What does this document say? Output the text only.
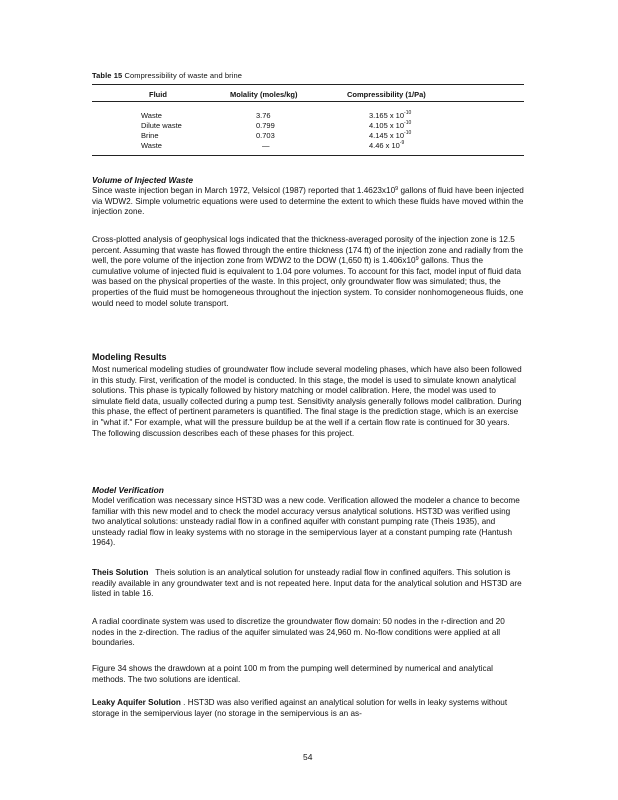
Table 15 Compressibility of waste and brine
Fluid	Molality (moles/kg)	Compressibility (1/Pa)
Waste	3.76	3.165 x $10^{-10}$
Dilute waste	0.799	4.105 x $10^{-10}$
Brine	0.703	4.145 x $10^{-10}$
Waste	—	4.46 x $10^{-9}$
Volume of Injected Waste

Since waste injection began in March 1972, Velsicol (1987) reported that $1.4623x10^9$ gallons of fluid have been injected via WDW2. Simple volumetric equations were used to determine the extent to which these fluids have moved within the injection zone.

Cross-plotted analysis of geophysical logs indicated that the thickness-averaged porosity of the injection zone is 12.5 percent. Assuming that waste has flowed through the entire thickness (174 ft) of the injection zone and radially from the well, the pore volume of the injection zone from WDW2 to the DOW (1,650 ft) is $1.406x10^9$ gallons. Thus the cumulative volume of injected fluid is equivalent to 1.04 pore volumes. To account for this fact, model input of fluid data was based on the physical properties of the waste. In this project, only groundwater flow was simulated; thus, the properties of the fluid must be homogeneous throughout the injection system. To consider nonhomogeneous fluids, one would need to model solute transport.

Modeling Results

Most numerical modeling studies of groundwater flow include several modeling phases, which have also been followed in this study. First, verification of the model is conducted. In this stage, the model is used to simulate known analytical solutions. This phase is typically followed by history matching or model calibration. Here, the model was used to simulate field data, usually collected during a pump test. Sensitivity analysis generally follows model calibration. During this phase, the effect of pertinent parameters is quantified. The final stage is the prediction stage, which is an exercise in "what if." For example, what will the pressure buildup be at the well if a certain flow rate is continued for 30 years. The following discussion describes each of these phases for this project.

Model Verification

Model verification was necessary since HST3D was a new code. Verification allowed the modeler a chance to become familiar with this new model and to check the model accuracy versus analytical solutions. HST3D was verified using two analytical solutions: unsteady radial flow in a confined aquifer with constant pumping rate (Theis 1935), and unsteady radial flow in leaky systems with no storage in the semipervious layer at a constant pumping rate (Hantush 1964).

Theis Solution Theis solution is an analytical solution for unsteady radial flow in confined aquifers. This solution is readily available in any groundwater text and is not repeated here. Input data for the analytical solution and HST3D are listed in table 16.

A radial coordinate system was used to discretize the groundwater flow domain: 50 nodes in the r-direction and 20 nodes in the z-direction. The radius of the aquifer simulated was 24,960 m. No-flow conditions were applied at all boundaries.

Figure 34 shows the drawdown at a point 100 m from the pumping well determined by numerical and analytical methods. The two solutions are identical.

Leaky Aquifer Solution . HST3D was also verified against an analytical solution for wells in leaky systems without storage in the semipervious layer (no storage in the semipervious is an as-

54
